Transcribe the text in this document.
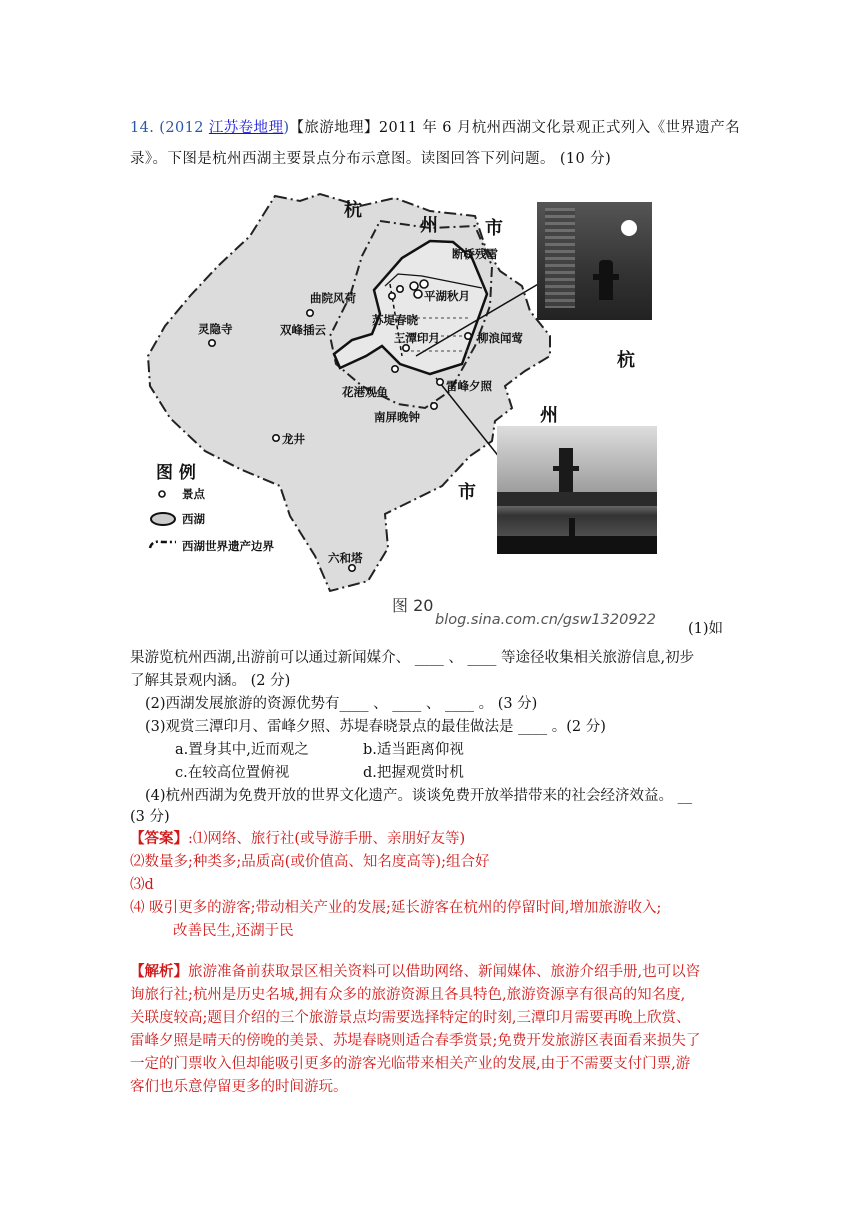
14. (2012 江苏卷地理)【旅游地理】2011 年 6 月杭州西湖文化景观正式列入《世界遗产名
录》。下图是杭州西湖主要景点分布示意图。读图回答下列问题。 (10 分)
杭
州	市
杭
州
市
断桥残雪
平湖秋月
曲院风荷
苏堤春晓
三潭印月	柳浪闻莺
雷峰夕照
花港观鱼
南屏晚钟
灵隐寺	双峰插云
龙井
六和塔
图 例
景点
西湖
西湖世界遗产边界
图 20
blog.sina.com.cn/gsw1320922
(1)如
果游览杭州西湖,出游前可以通过新闻媒介、 ____ 、 ____ 等途径收集相关旅游信息,初步
了解其景观内涵。 (2 分)
(2)西湖发展旅游的资源优势有____ 、 ____ 、 ____ 。 (3 分)
(3)观赏三潭印月、雷峰夕照、苏堤春晓景点的最佳做法是 ____ 。(2 分)
a.置身其中,近而观之	b.适当距离仰视
c.在较高位置俯视	d.把握观赏时机
(4)杭州西湖为免费开放的世界文化遗产。谈谈免费开放举措带来的社会经济效益。 __
(3 分)
【答案】:⑴网络、旅行社(或导游手册、亲朋好友等)
⑵数量多;种类多;品质高(或价值高、知名度高等);组合好
⑶d
⑷ 吸引更多的游客;带动相关产业的发展;延长游客在杭州的停留时间,增加旅游收入;
改善民生,还湖于民
【解析】旅游准备前获取景区相关资料可以借助网络、新闻媒体、旅游介绍手册,也可以咨
询旅行社;杭州是历史名城,拥有众多的旅游资源且各具特色,旅游资源享有很高的知名度,
关联度较高;题目介绍的三个旅游景点均需要选择特定的时刻,三潭印月需要再晚上欣赏、
雷峰夕照是晴天的傍晚的美景、苏堤春晓则适合春季赏景;免费开发旅游区表面看来损失了
一定的门票收入但却能吸引更多的游客光临带来相关产业的发展,由于不需要支付门票,游
客们也乐意停留更多的时间游玩。
